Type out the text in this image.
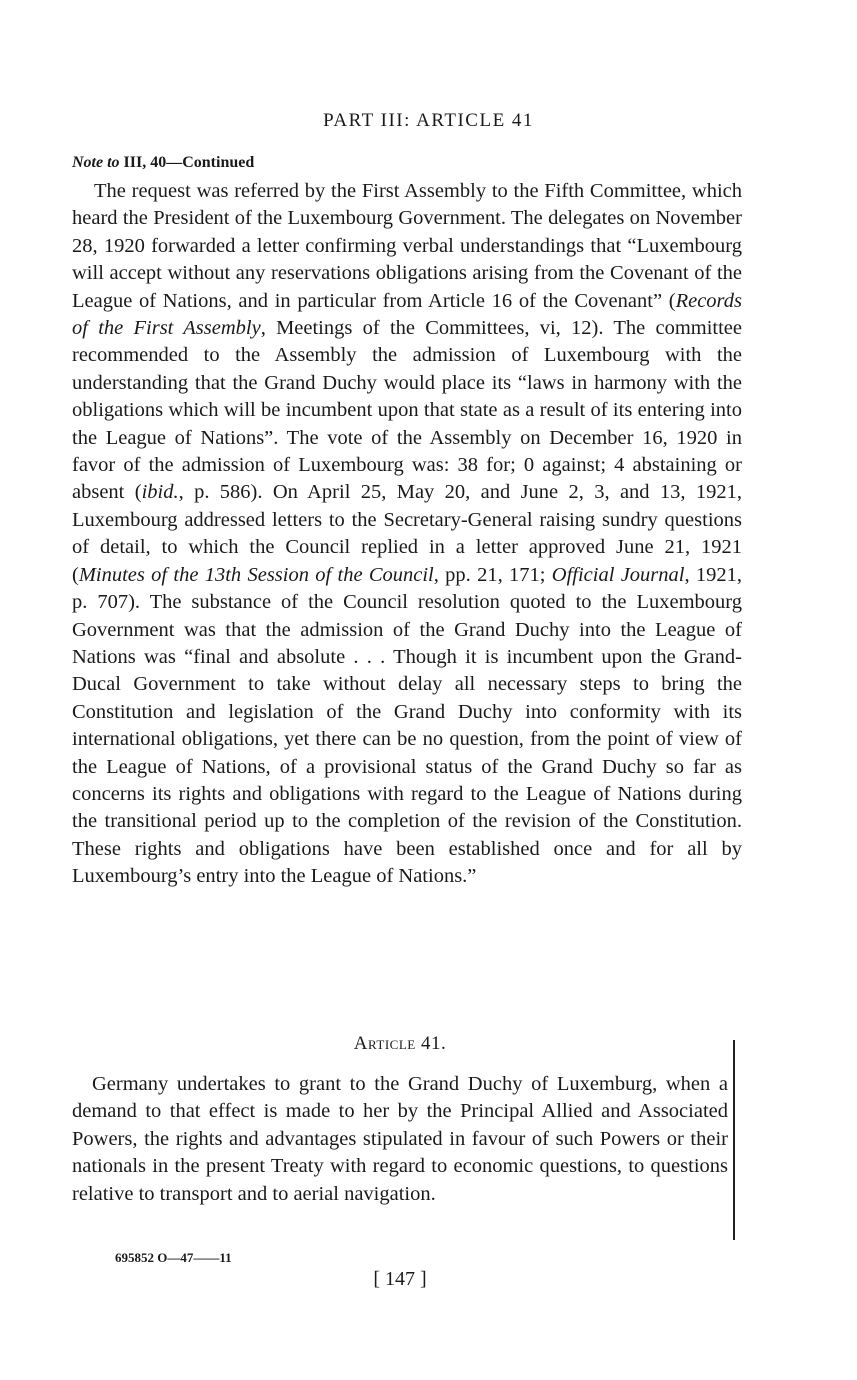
PART III: ARTICLE 41
Note to III, 40—Continued

The request was referred by the First Assembly to the Fifth Committee, which heard the President of the Luxembourg Government. The delegates on November 28, 1920 forwarded a letter confirming verbal understandings that “Luxembourg will accept without any reservations obligations arising from the Covenant of the League of Nations, and in particular from Article 16 of the Covenant” (Records of the First Assembly, Meetings of the Committees, vi, 12). The committee recommended to the Assembly the admission of Luxembourg with the understanding that the Grand Duchy would place its “laws in harmony with the obligations which will be incumbent upon that state as a result of its entering into the League of Nations”. The vote of the Assembly on December 16, 1920 in favor of the admission of Luxembourg was: 38 for; 0 against; 4 abstaining or absent (ibid., p. 586). On April 25, May 20, and June 2, 3, and 13, 1921, Luxembourg addressed letters to the Secretary-General raising sundry questions of detail, to which the Council replied in a letter approved June 21, 1921 (Minutes of the 13th Session of the Council, pp. 21, 171; Official Journal, 1921, p. 707). The substance of the Council resolution quoted to the Luxembourg Government was that the admission of the Grand Duchy into the League of Nations was “final and absolute . . . Though it is incumbent upon the Grand-Ducal Government to take without delay all necessary steps to bring the Constitution and legislation of the Grand Duchy into conformity with its international obligations, yet there can be no question, from the point of view of the League of Nations, of a provisional status of the Grand Duchy so far as concerns its rights and obligations with regard to the League of Nations during the transitional period up to the completion of the revision of the Constitution. These rights and obligations have been established once and for all by Luxembourg’s entry into the League of Nations.”

Article 41.

Germany undertakes to grant to the Grand Duchy of Luxemburg, when a demand to that effect is made to her by the Principal Allied and Associated Powers, the rights and advantages stipulated in favour of such Powers or their nationals in the present Treaty with regard to economic questions, to questions relative to transport and to aerial navigation.

695852 O—47——11
[ 147 ]
